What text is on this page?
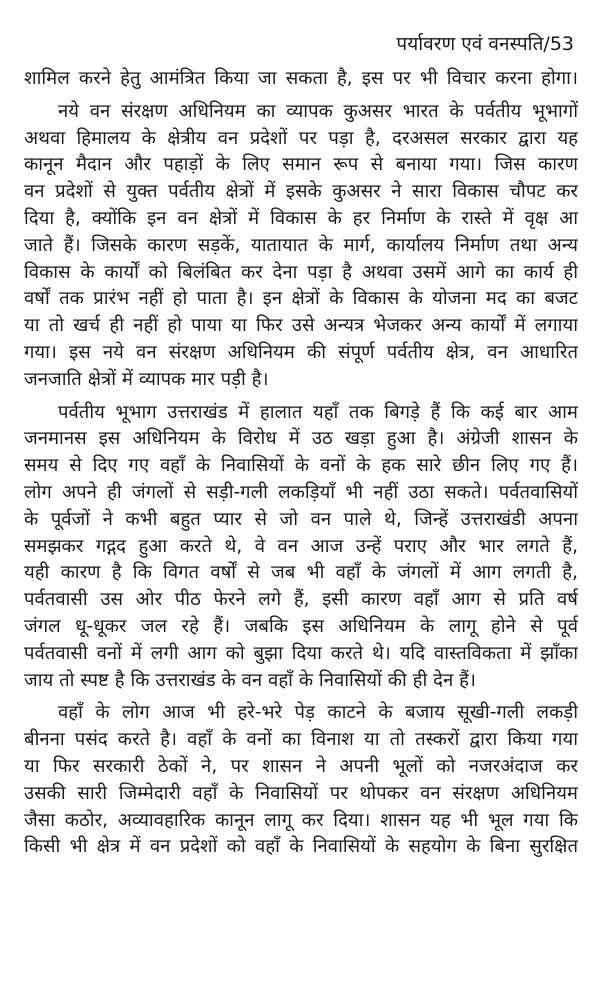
पर्यावरण एवं वनस्पति/53
शामिल करने हेतु आमंत्रित किया जा सकता है, इस पर भी विचार करना होगा।
नये वन संरक्षण अधिनियम का व्यापक कुअसर भारत के पर्वतीय भूभागों
अथवा हिमालय के क्षेत्रीय वन प्रदेशों पर पड़ा है, दरअसल सरकार द्वारा यह
कानून मैदान और पहाड़ों के लिए समान रूप से बनाया गया। जिस कारण
वन प्रदेशों से युक्त पर्वतीय क्षेत्रों में इसके कुअसर ने सारा विकास चौपट कर
दिया है, क्योंकि इन वन क्षेत्रों में विकास के हर निर्माण के रास्ते में वृक्ष आ
जाते हैं। जिसके कारण सड़कें, यातायात के मार्ग, कार्यालय निर्माण तथा अन्य
विकास के कार्यों को बिलंबित कर देना पड़ा है अथवा उसमें आगे का कार्य ही
वर्षों तक प्रारंभ नहीं हो पाता है। इन क्षेत्रों के विकास के योजना मद का बजट
या तो खर्च ही नहीं हो पाया या फिर उसे अन्यत्र भेजकर अन्य कार्यों में लगाया
गया। इस नये वन संरक्षण अधिनियम की संपूर्ण पर्वतीय क्षेत्र, वन आधारित
जनजाति क्षेत्रों में व्यापक मार पड़ी है।
पर्वतीय भूभाग उत्तराखंड में हालात यहाँ तक बिगड़े हैं कि कई बार आम
जनमानस इस अधिनियम के विरोध में उठ खड़ा हुआ है। अंग्रेजी शासन के
समय से दिए गए वहाँ के निवासियों के वनों के हक सारे छीन लिए गए हैं।
लोग अपने ही जंगलों से सड़ी-गली लकड़ियाँ भी नहीं उठा सकते। पर्वतवासियों
के पूर्वजों ने कभी बहुत प्यार से जो वन पाले थे, जिन्हें उत्तराखंडी अपना
समझकर गद्गद हुआ करते थे, वे वन आज उन्हें पराए और भार लगते हैं,
यही कारण है कि विगत वर्षों से जब भी वहाँ के जंगलों में आग लगती है,
पर्वतवासी उस ओर पीठ फेरने लगे हैं, इसी कारण वहाँ आग से प्रति वर्ष
जंगल धू-धूकर जल रहे हैं। जबकि इस अधिनियम के लागू होने से पूर्व
पर्वतवासी वनों में लगी आग को बुझा दिया करते थे। यदि वास्तविकता में झाँका
जाय तो स्पष्ट है कि उत्तराखंड के वन वहाँ के निवासियों की ही देन हैं।
वहाँ के लोग आज भी हरे-भरे पेड़ काटने के बजाय सूखी-गली लकड़ी
बीनना पसंद करते है। वहाँ के वनों का विनाश या तो तस्करों द्वारा किया गया
या फिर सरकारी ठेकों ने, पर शासन ने अपनी भूलों को नजरअंदाज कर
उसकी सारी जिम्मेदारी वहाँ के निवासियों पर थोपकर वन संरक्षण अधिनियम
जैसा कठोर, अव्यावहारिक कानून लागू कर दिया। शासन यह भी भूल गया कि
किसी भी क्षेत्र में वन प्रदेशों को वहाँ के निवासियों के सहयोग के बिना सुरक्षित
